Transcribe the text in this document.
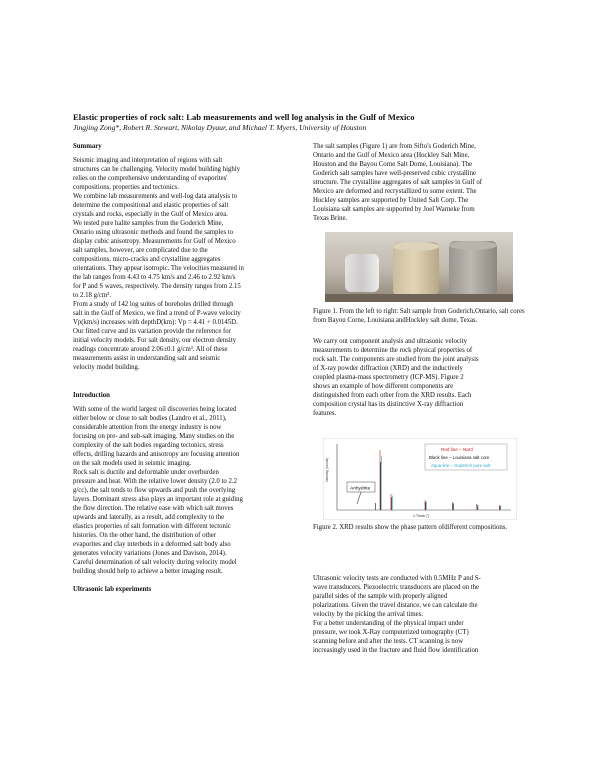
Elastic properties of rock salt: Lab measurements and well log analysis in the Gulf of Mexico
Jingjing Zong*, Robert R. Stewart, Nikolay Dyaur, and Michael T. Myers, University of Houston
Summary
Seismic imaging and interpretation of regions with salt
structures can be challenging. Velocity model building highly
relies on the comprehensive understanding of evaporites'
compositions, properties and tectonics.
We combine lab measurements and well-log data analysis to
determine the compositional and elastic properties of salt
crystals and rocks, especially in the Gulf of Mexico area.
We tested pure halite samples from the Goderich Mine,
Ontario using ultrasonic methods and found the samples to
display cubic anisotropy. Measurements for Gulf of Mexico
salt samples, however, are complicated due to the
compositions, micro-cracks and crystalline aggregates
orientations. They appear isotropic. The velocities measured in
the lab ranges from 4.43 to 4.75 km/s and 2.46 to 2.92 km/s
for P and S waves, respectively. The density ranges from 2.15
to 2.18 g/cm³.
From a study of 142 log suites of boreholes drilled through
salt in the Gulf of Mexico, we find a trend of P-wave velocity
Vp(km/s) increases with depthD(km): Vp = 4.41 + 0.0145D.
Our fitted curve and its variation provide the reference for
initial velocity models. For salt density, our electron density
readings concentrate around 2.06±0.1 g/cm³. All of these
measurements assist in understanding salt and seismic
velocity model building.
Introduction
With some of the world largest oil discoveries being located
either below or close to salt bodies (Landro et al., 2011),
considerable attention from the energy industry is now
focusing on pre- and sub-salt imaging. Many studies on the
complexity of the salt bodies regarding tectonics, stress
effects, drilling hazards and anisotropy are focusing attention
on the salt models used in seismic imaging.
Rock salt is ductile and deformable under overburden
pressure and heat. With the relative lower density (2.0 to 2.2
g/cc), the salt tends to flow upwards and push the overlying
layers. Dominant stress also plays an important role at guiding
the flow direction. The relative ease with which salt moves
upwards and laterally, as a result, add complexity to the
elastics properties of salt formation with different tectonic
histories. On the other hand, the distribution of other
evaporites and clay interbeds in a deformed salt body also
generates velocity variations (Jones and Davison, 2014).
Careful determination of salt velocity during velocity model
building should help to achieve a better imaging result.
Ultrasonic lab experiments
The salt samples (Figure 1) are from Sifto's Goderich Mine,
Ontario and the Gulf of Mexico area (Hockley Salt Mine,
Houston and the Bayou Corne Salt Dome, Louisiana). The
Goderich salt samples have well-preserved cubic crystalline
structure. The crystalline aggregates of salt samples in Gulf of
Mexico are deformed and recrystallized to some extent. The
Hockley samples are supported by United Salt Corp. The
Louisiana salt samples are supported by Joel Warneke from
Texas Brine.
Figure 1. From the left to right: Salt sample from Goderich,Ontario, salt cores from Bayou Corne, Louisiana andHockley salt dome, Texas.
We carry out component analysis and ultrasonic velocity
measurements to determine the rock physical properties of
rock salt. The components are studied from the joint analysis
of X-ray powder diffraction (XRD) and the inductively
coupled plasma-mass spectrometry (ICP-MS). Figure 2
shows an example of how different components are
distinguished from each other from the XRD results. Each
composition crystal has its distinctive X-ray diffraction
features.
Intensity (counts)
2-Theta (°)
Red line – NaCl
Black line – Louisiana salt core
Aqua line – Goderich pure salt
Anhydrite
Figure 2. XRD results show the phase pattern ofdifferent compositions.
Ultrasonic velocity tests are conducted with 0.5MHz P and S-
wave transducers. Piezoelectric transducers are placed on the
parallel sides of the sample with properly aligned
polarizations. Given the travel distance, we can calculate the
velocity by the picking the arrival times.
For a better understanding of the physical impact under
pressure, we took X-Ray computerized tomography (CT)
scanning before and after the tests. CT scanning is now
increasingly used in the fracture and fluid flow identification
